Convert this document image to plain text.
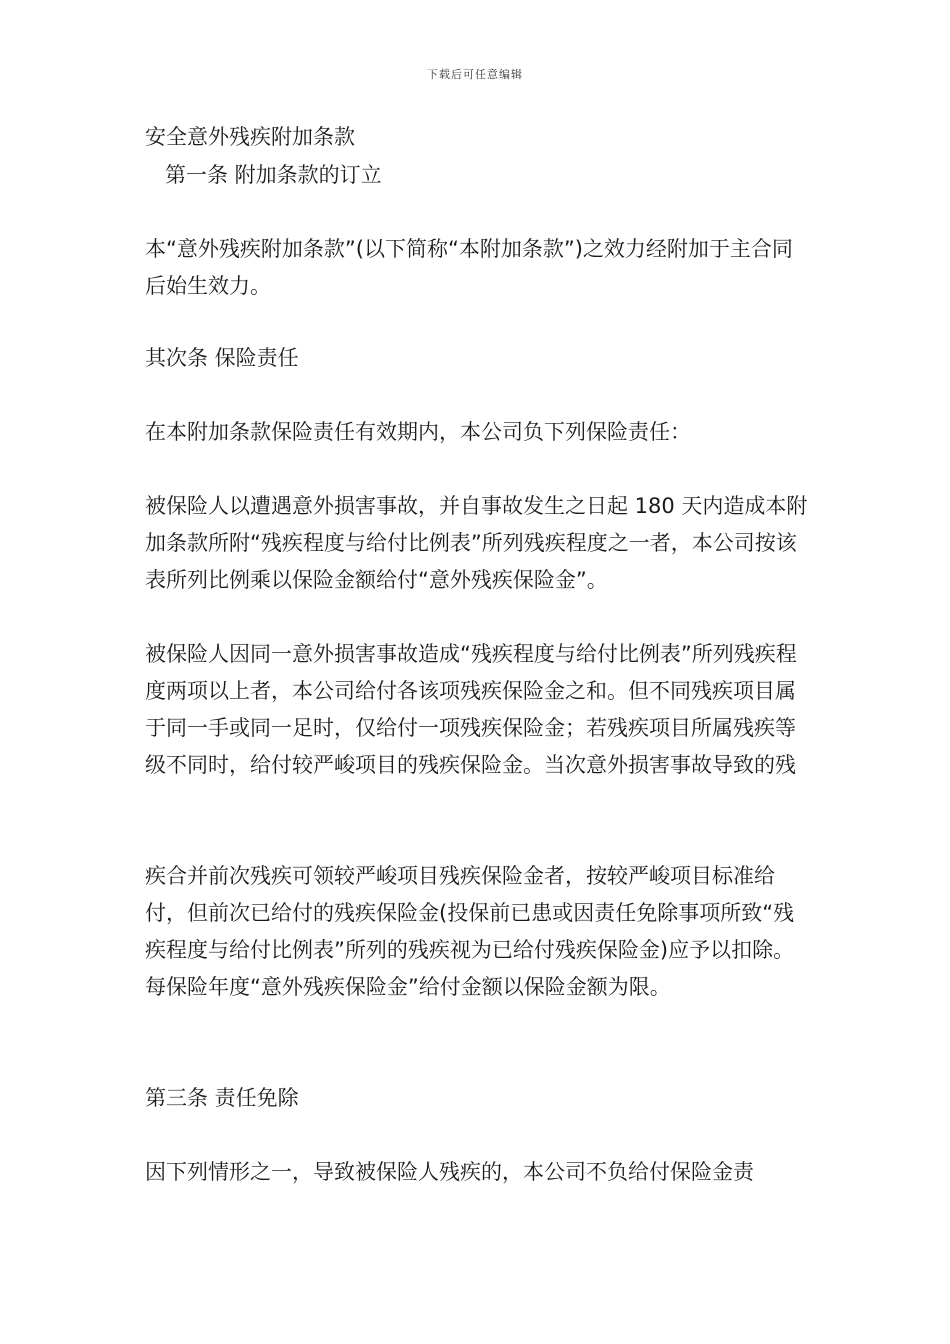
下载后可任意编辑
安全意外残疾附加条款
第一条 附加条款的订立

本“意外残疾附加条款”(以下简称“本附加条款”)之效力经附加于主合同后始生效力。

其次条 保险责任

在本附加条款保险责任有效期内，本公司负下列保险责任：

被保险人以遭遇意外损害事故，并自事故发生之日起 180 天内造成本附加条款所附“残疾程度与给付比例表”所列残疾程度之一者，本公司按该表所列比例乘以保险金额给付“意外残疾保险金”。

被保险人因同一意外损害事故造成“残疾程度与给付比例表”所列残疾程度两项以上者，本公司给付各该项残疾保险金之和。但不同残疾项目属于同一手或同一足时，仅给付一项残疾保险金；若残疾项目所属残疾等级不同时，给付较严峻项目的残疾保险金。当次意外损害事故导致的残

疾合并前次残疾可领较严峻项目残疾保险金者，按较严峻项目标准给付，但前次已给付的残疾保险金(投保前已患或因责任免除事项所致“残疾程度与给付比例表”所列的残疾视为已给付残疾保险金)应予以扣除。每保险年度“意外残疾保险金”给付金额以保险金额为限。

第三条 责任免除

因下列情形之一，导致被保险人残疾的，本公司不负给付保险金责
